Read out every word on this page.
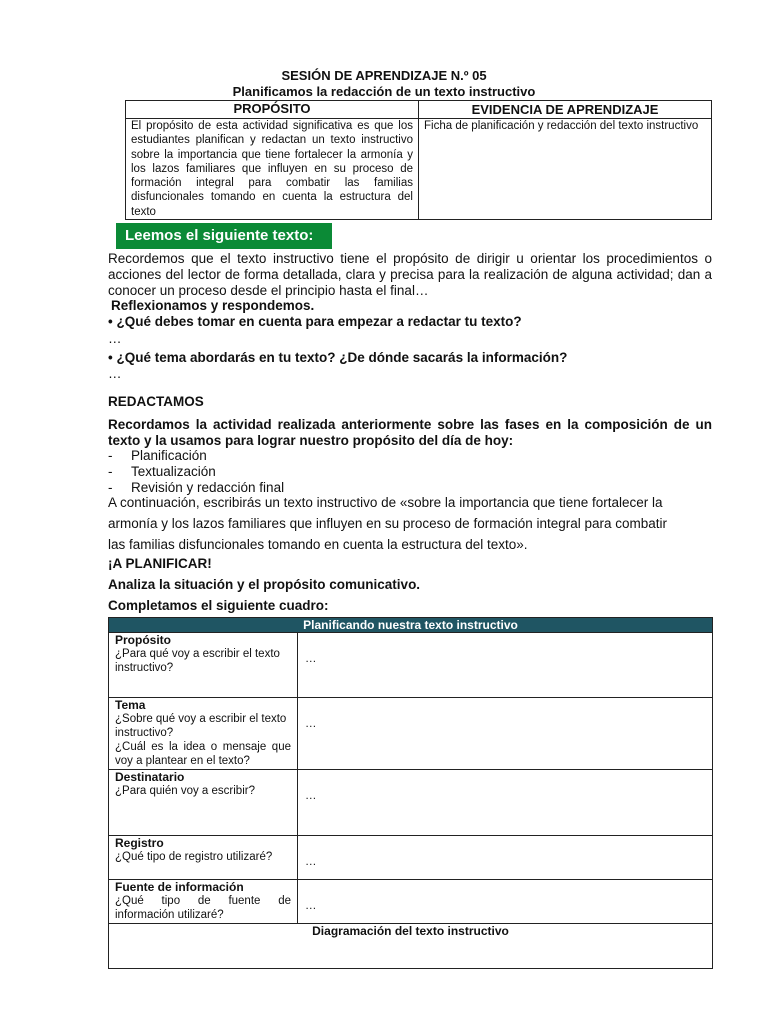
SESIÓN DE APRENDIZAJE N.º 05
Planificamos la redacción de un texto instructivo
PROPÓSITO	EVIDENCIA DE APRENDIZAJE
El propósito de esta actividad significativa es que los estudiantes planifican y redactan un texto instructivo sobre la importancia que tiene fortalecer la armonía y los lazos familiares que influyen en su proceso de formación integral para combatir las familias disfuncionales tomando en cuenta la estructura del texto	Ficha de planificación y redacción del texto instructivo
Leemos el siguiente texto:
Recordemos que el texto instructivo tiene el propósito de dirigir u orientar los procedimientos o acciones del lector de forma detallada, clara y precisa para la realización de alguna actividad; dan a conocer un proceso desde el principio hasta el final…
Reflexionamos y respondemos.
• ¿Qué debes tomar en cuenta para empezar a redactar tu texto?
…
• ¿Qué tema abordarás en tu texto? ¿De dónde sacarás la información?
…
REDACTAMOS
Recordamos la actividad realizada anteriormente sobre las fases en la composición de un texto y la usamos para lograr nuestro propósito del día de hoy:
-	Planificación
-	Textualización
-	Revisión y redacción final
A continuación, escribirás un texto instructivo de «sobre la importancia que tiene fortalecer la
armonía y los lazos familiares que influyen en su proceso de formación integral para combatir
las familias disfuncionales tomando en cuenta la estructura del texto».
¡A PLANIFICAR!
Analiza la situación y el propósito comunicativo.
Completamos el siguiente cuadro:
Planificando nuestra texto instructivo	

Propósito
¿Para qué voy a escribir el texto instructivo?	…

Tema
¿Sobre qué voy a escribir el texto instructivo?
¿Cuál es la idea o mensaje que voy a plantear en el texto?	…

Destinatario
¿Para quién voy a escribir?	…

Registro
¿Qué tipo de registro utilizaré?	…

Fuente de información
¿Qué tipo de fuente de información utilizaré?	…
Diagramación del texto instructivo	
